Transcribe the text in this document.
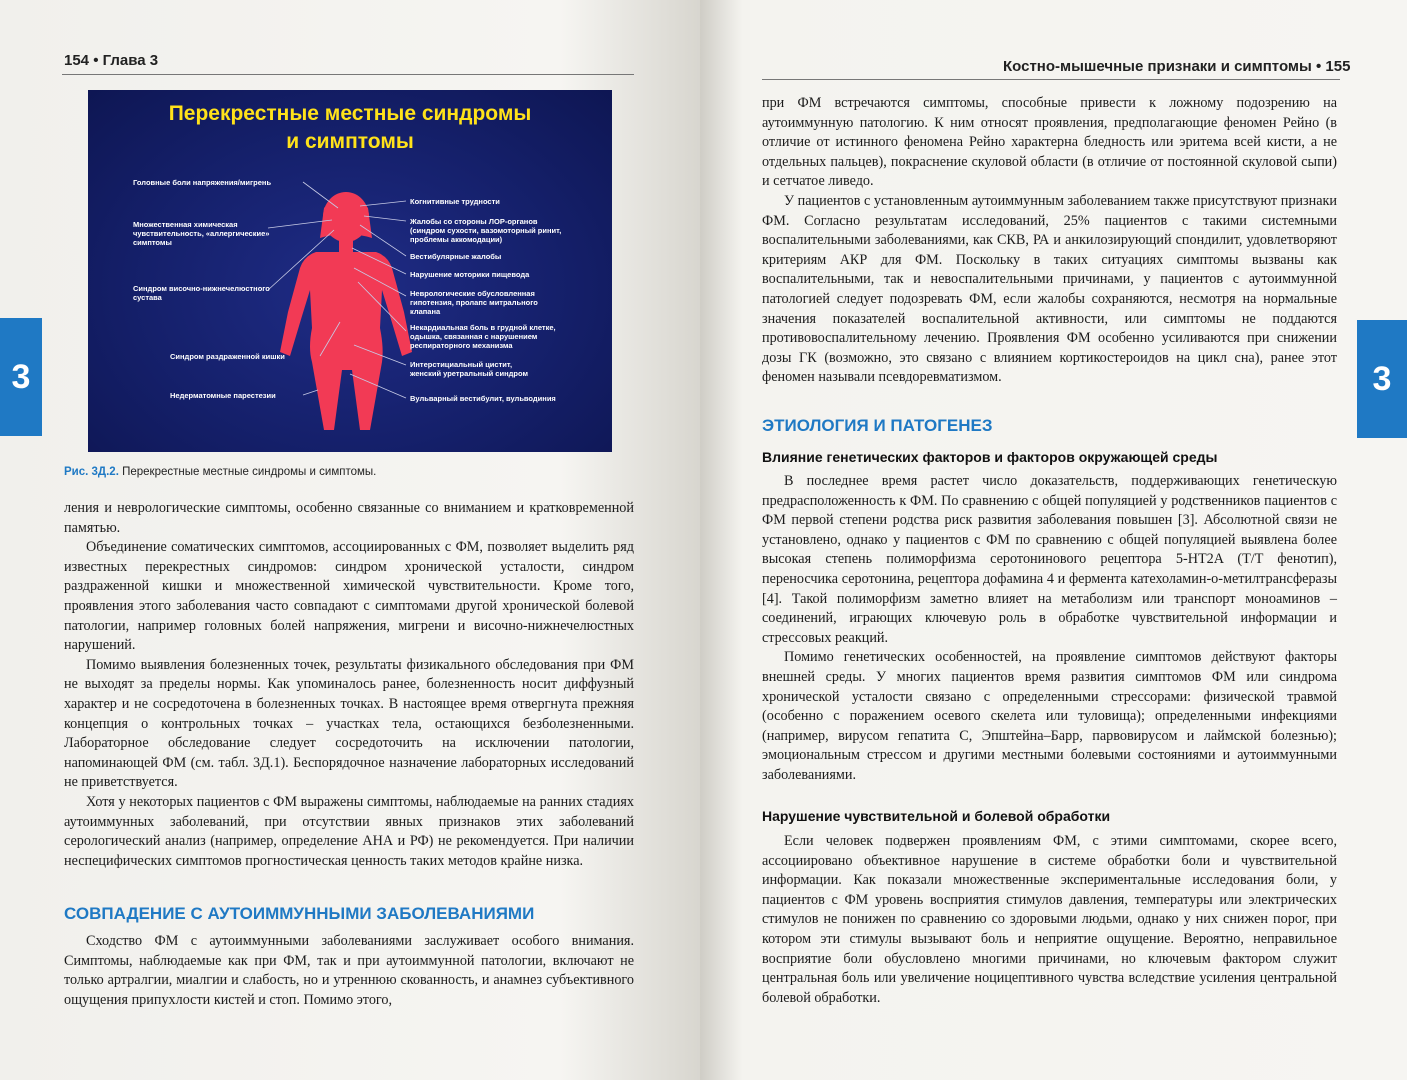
154 • Глава 3
3
Перекрестные местные синдромы
и симптомы
Головные боли напряжения/мигрень
Множественная химическая
чувствительность, «аллергические»
симптомы
Синдром височно-нижнечелюстного
сустава
Синдром раздраженной кишки
Недерматомные парестезии
Когнитивные трудности
Жалобы со стороны ЛОР-органов
(синдром сухости, вазомоторный ринит,
проблемы аккомодации)
Вестибулярные жалобы
Нарушение моторики пищевода
Неврологические обусловленная
гипотензия, пролапс митрального
клапана
Некардиальная боль в грудной клетке,
одышка, связанная с нарушением
респираторного механизма
Интерстициальный цистит,
женский уретральный синдром
Вульварный вестибулит, вульводиния
Рис. 3Д.2. Перекрестные местные синдромы и симптомы.

ления и неврологические симптомы, особенно связанные со вниманием и кратковременной памятью.

Объединение соматических симптомов, ассоциированных с ФМ, позволяет выделить ряд известных перекрестных синдромов: синдром хронической усталости, синдром раздраженной кишки и множественной химической чувствительности. Кроме того, проявления этого заболевания часто совпадают с симптомами другой хронической болевой патологии, например головных болей напряжения, мигрени и височно-нижнечелюстных нарушений.

Помимо выявления болезненных точек, результаты физикального обследования при ФМ не выходят за пределы нормы. Как упоминалось ранее, болезненность носит диффузный характер и не сосредоточена в болезненных точках. В настоящее время отвергнута прежняя концепция о контрольных точках – участках тела, остающихся безболезненными. Лабораторное обследование следует сосредоточить на исключении патологии, напоминающей ФМ (см. табл. 3Д.1). Беспорядочное назначение лабораторных исследований не приветствуется.

Хотя у некоторых пациентов с ФМ выражены симптомы, наблюдаемые на ранних стадиях аутоиммунных заболеваний, при отсутствии явных признаков этих заболеваний серологический анализ (например, определение АНА и РФ) не рекомендуется. При наличии неспецифических симптомов прогностическая ценность таких методов крайне низка.

СОВПАДЕНИЕ С АУТОИММУННЫМИ ЗАБОЛЕВАНИЯМИ

Сходство ФМ с аутоиммунными заболеваниями заслуживает особого внимания. Симптомы, наблюдаемые как при ФМ, так и при аутоиммунной патологии, включают не только артралгии, миалгии и слабость, но и утреннюю скованность, и анамнез субъективного ощущения припухлости кистей и стоп. Помимо этого,

Костно-мышечные признаки и симптомы • 155
3

при ФМ встречаются симптомы, способные привести к ложному подозрению на аутоиммунную патологию. К ним относят проявления, предполагающие феномен Рейно (в отличие от истинного феномена Рейно характерна бледность или эритема всей кисти, а не отдельных пальцев), покраснение скуловой области (в отличие от постоянной скуловой сыпи) и сетчатое ливедо.

У пациентов с установленным аутоиммунным заболеванием также присутствуют признаки ФМ. Согласно результатам исследований, 25% пациентов с такими системными воспалительными заболеваниями, как СКВ, РА и анкилозирующий спондилит, удовлетворяют критериям АКР для ФМ. Поскольку в таких ситуациях симптомы вызваны как воспалительными, так и невоспалительными причинами, у пациентов с аутоиммунной патологией следует подозревать ФМ, если жалобы сохраняются, несмотря на нормальные значения показателей воспалительной активности, или симптомы не поддаются противовоспалительному лечению. Проявления ФМ особенно усиливаются при снижении дозы ГК (возможно, это связано с влиянием кортикостероидов на цикл сна), ранее этот феномен называли псевдоревматизмом.

ЭТИОЛОГИЯ И ПАТОГЕНЕЗ
Влияние генетических факторов и факторов окружающей среды

В последнее время растет число доказательств, поддерживающих генетическую предрасположенность к ФМ. По сравнению с общей популяцией у родственников пациентов с ФМ первой степени родства риск развития заболевания повышен [3]. Абсолютной связи не установлено, однако у пациентов с ФМ по сравнению с общей популяцией выявлена более высокая степень полиморфизма серотонинового рецептора 5-HT2A (T/T фенотип), переносчика серотонина, рецептора дофамина 4 и фермента катехоламин-о-метилтрансферазы [4]. Такой полиморфизм заметно влияет на метаболизм или транспорт моноаминов – соединений, играющих ключевую роль в обработке чувствительной информации и стрессовых реакций.

Помимо генетических особенностей, на проявление симптомов действуют факторы внешней среды. У многих пациентов время развития симптомов ФМ или синдрома хронической усталости связано с определенными стрессорами: физической травмой (особенно с поражением осевого скелета или туловища); определенными инфекциями (например, вирусом гепатита С, Эпштейна–Барр, парвовирусом и лаймской болезнью); эмоциональным стрессом и другими местными болевыми состояниями и аутоиммунными заболеваниями.

Нарушение чувствительной и болевой обработки

Если человек подвержен проявлениям ФМ, с этими симптомами, скорее всего, ассоциировано объективное нарушение в системе обработки боли и чувствительной информации. Как показали множественные экспериментальные исследования боли, у пациентов с ФМ уровень восприятия стимулов давления, температуры или электрических стимулов не понижен по сравнению со здоровыми людьми, однако у них снижен порог, при котором эти стимулы вызывают боль и неприятие ощущение. Вероятно, неправильное восприятие боли обусловлено многими причинами, но ключевым фактором служит центральная боль или увеличение ноцицептивного чувства вследствие усиления центральной болевой обработки.
